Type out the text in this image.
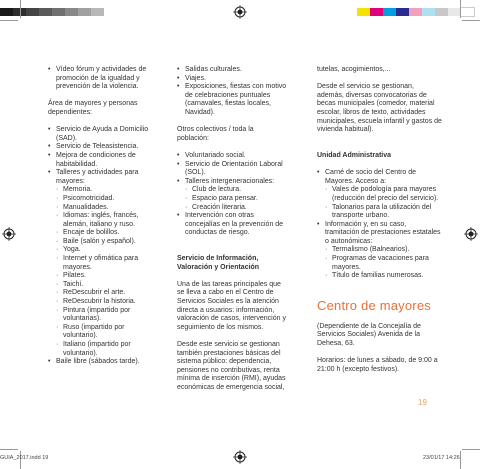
• Vídeo fórum y actividades de promoción de la igualdad y prevención de la violencia.

Área de mayores y personas dependientes:

• Servicio de Ayuda a Domicilio (SAD).
• Servicio de Teleasistencia.
• Mejora de condiciones de habitabilidad.
• Talleres y actividades para mayores:
· Memoria.
· Psicomotricidad.
· Manualidades.
· Idiomas: inglés, francés, alemán, italiano y ruso.
· Encaje de bolillos.
· Baile (salón y español).
· Yoga.
· Internet y ofimática para mayores.
· Pilates.
· Taichí.
· ReDescubrir el arte.
· ReDescubrir la historia.
· Pintura (impartido por voluntarias).
· Ruso (impartido por voluntario).
· Italiano (impartido por voluntario).
• Baile libre (sábados tarde).
• Salidas culturales.
• Viajes.
• Exposiciones, fiestas con motivo de celebraciones puntuales (carnavales, fiestas locales, Navidad).

Otros colectivos / toda la población:

• Voluntariado social.
• Servicio de Orientación Laboral (SOL).
• Talleres intergeneracionales:
· Club de lectura.
· Espacio para pensar.
· Creación literaria.
• Intervención con otras concejalías en la prevención de conductas de riesgo.

Servicio de Información, Valoración y Orientación

Una de las tareas principales que se lleva a cabo en el Centro de Servicios Sociales es la atención directa a usuarios: información, valoración de casos, intervención y seguimiento de los mismos.

Desde este servicio se gestionan también prestaciones básicas del sistema público: dependencia, pensiones no contributivas, renta mínima de inserción (RMI), ayudas económicas de emergencia social,

tutelas, acogimientos,...

Desde el servicio se gestionan, además, diversas convocatorias de becas municipales (comedor, material escolar, libros de texto, actividades municipales, escuela infantil y gastos de vivienda habitual).

Unidad Administrativa

• Carné de socio del Centro de Mayores. Acceso a:
· Vales de podología para mayores (reducción del precio del servicio).
· Talonarios para la utilización del transporte urbano.
• Información y, en su caso, tramitación de prestaciones estatales o autonómicas:
· Termalismo (Balnearios).
· Programas de vacaciones para mayores.
· Título de familias numerosas.

Centro de mayores

(Dependiente de la Concejalía de Servicios Sociales) Avenida de la Dehesa, 63.

Horarios: de lunes a sábado, de 9:00 a 21:00 h (excepto festivos).

19
GUIA_2017.indd 19	23/01/17 14:26
